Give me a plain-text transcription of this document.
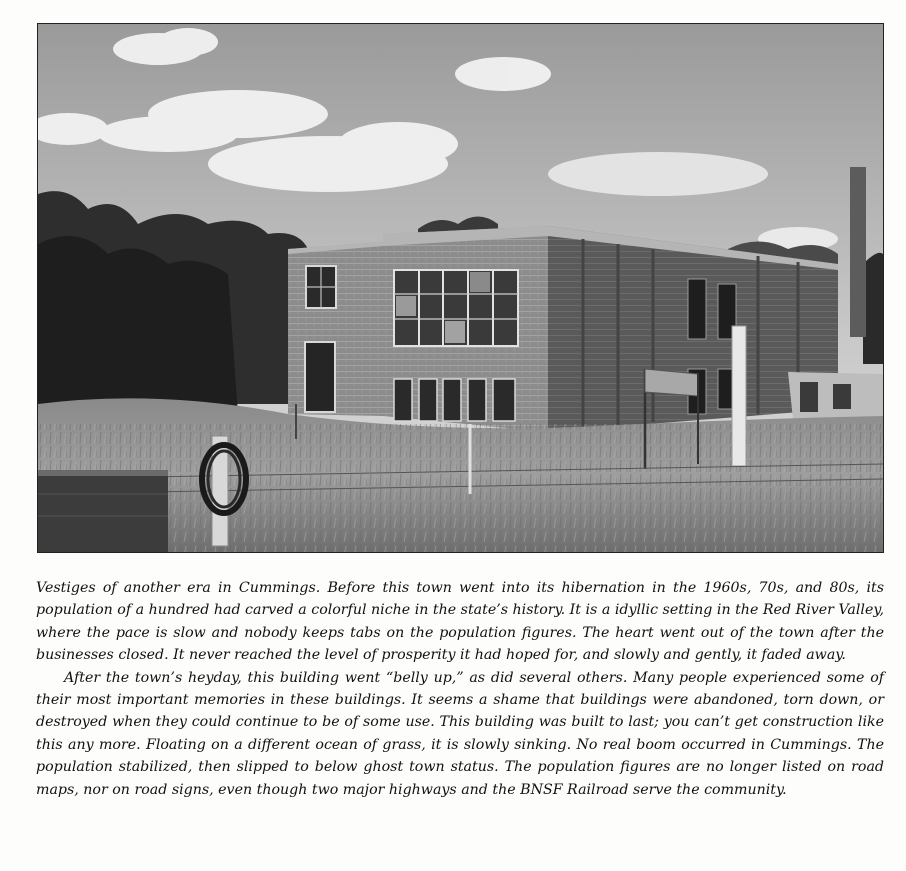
Vestiges of another era in Cummings. Before this town went into its hibernation in the 1960s, 70s, and 80s, its population of a hundred had carved a colorful niche in the state’s history. It is a idyllic setting in the Red River Valley, where the pace is slow and nobody keeps tabs on the population figures. The heart went out of the town after the businesses closed. It never reached the level of prosperity it had hoped for, and slowly and gently, it faded away.

After the town’s heyday, this building went “belly up,” as did several others. Many people experienced some of their most important memories in these buildings. It seems a shame that buildings were abandoned, torn down, or destroyed when they could continue to be of some use. This building was built to last; you can’t get construction like this any more. Floating on a different ocean of grass, it is slowly sinking. No real boom occurred in Cummings. The population stabilized, then slipped to below ghost town status. The population figures are no longer listed on road maps, nor on road signs, even though two major highways and the BNSF Railroad serve the community.
